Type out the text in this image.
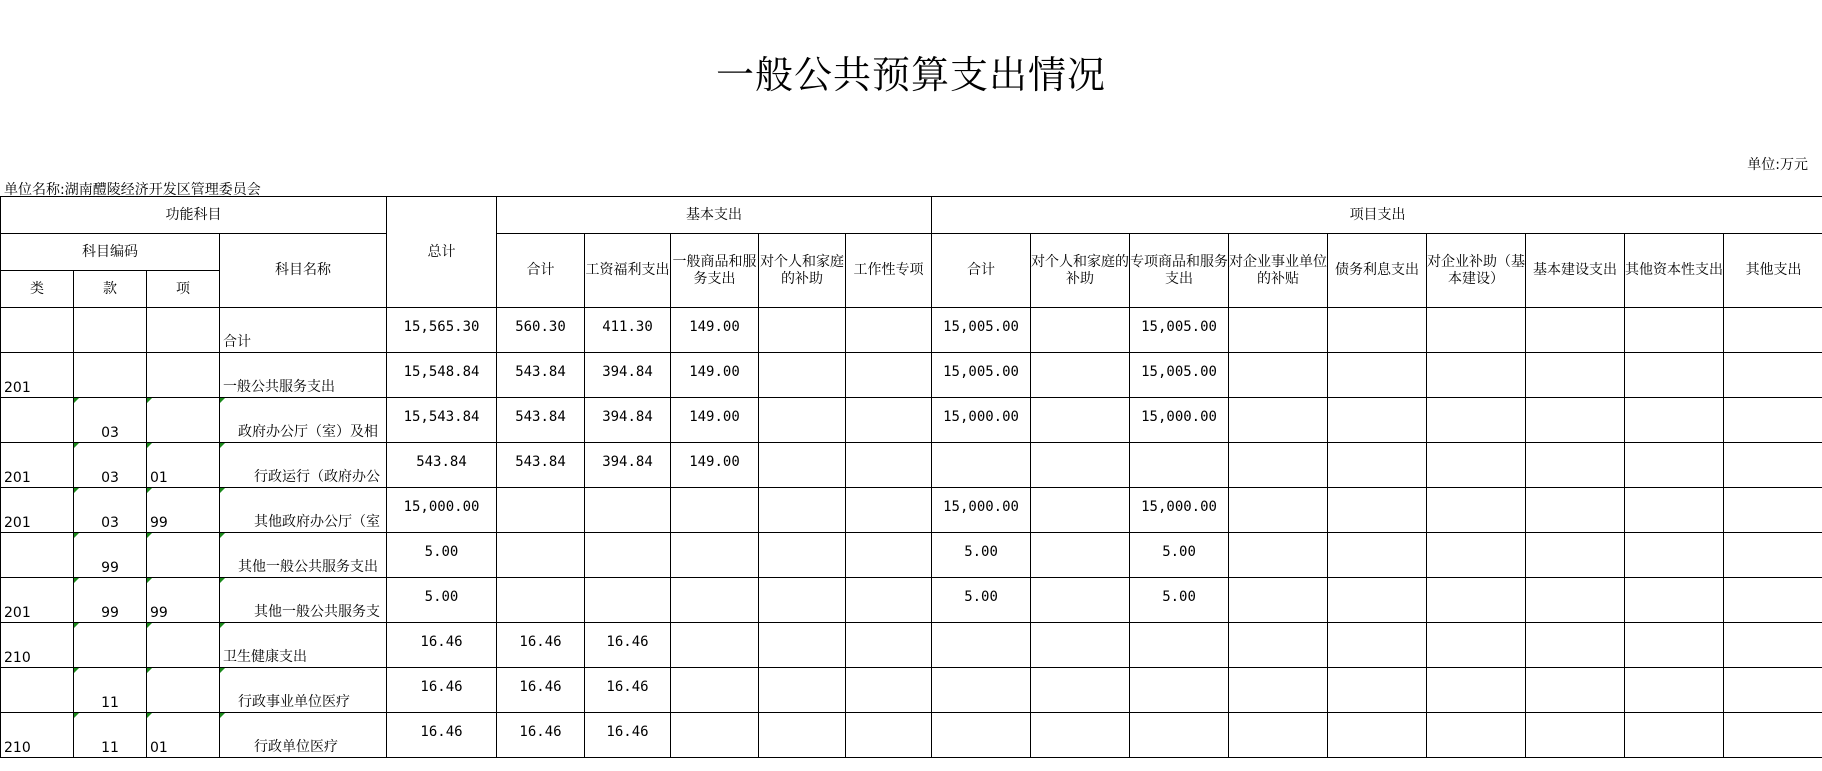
一般公共预算支出情况
单位:万元
单位名称:湖南醴陵经济开发区管理委员会
功能科目				总计	基本支出					项目支出								
科目编码			科目名称		合计	工资福利支出	一般商品和服务支出	对个人和家庭的补助	工作性专项	合计	对个人和家庭的补助	专项商品和服务支出	对企业事业单位的补贴	债务利息支出	对企业补助（基本建设）	基本建设支出	其他资本性支出	其他支出
类	款	项																
			合计	15,565.30	560.30	411.30	149.00			15,005.00		15,005.00						
201			一般公共服务支出	15,548.84	543.84	394.84	149.00			15,005.00		15,005.00						
	03		政府办公厅（室）及相	15,543.84	543.84	394.84	149.00			15,000.00		15,000.00						
201	03	01	行政运行（政府办公	543.84	543.84	394.84	149.00											
201	03	99	其他政府办公厅（室	15,000.00						15,000.00		15,000.00						
	99		其他一般公共服务支出	5.00						5.00		5.00						
201	99	99	其他一般公共服务支	5.00						5.00		5.00						
210			卫生健康支出	16.46	16.46	16.46												
	11		行政事业单位医疗	16.46	16.46	16.46												
210	11	01	行政单位医疗	16.46	16.46	16.46												
